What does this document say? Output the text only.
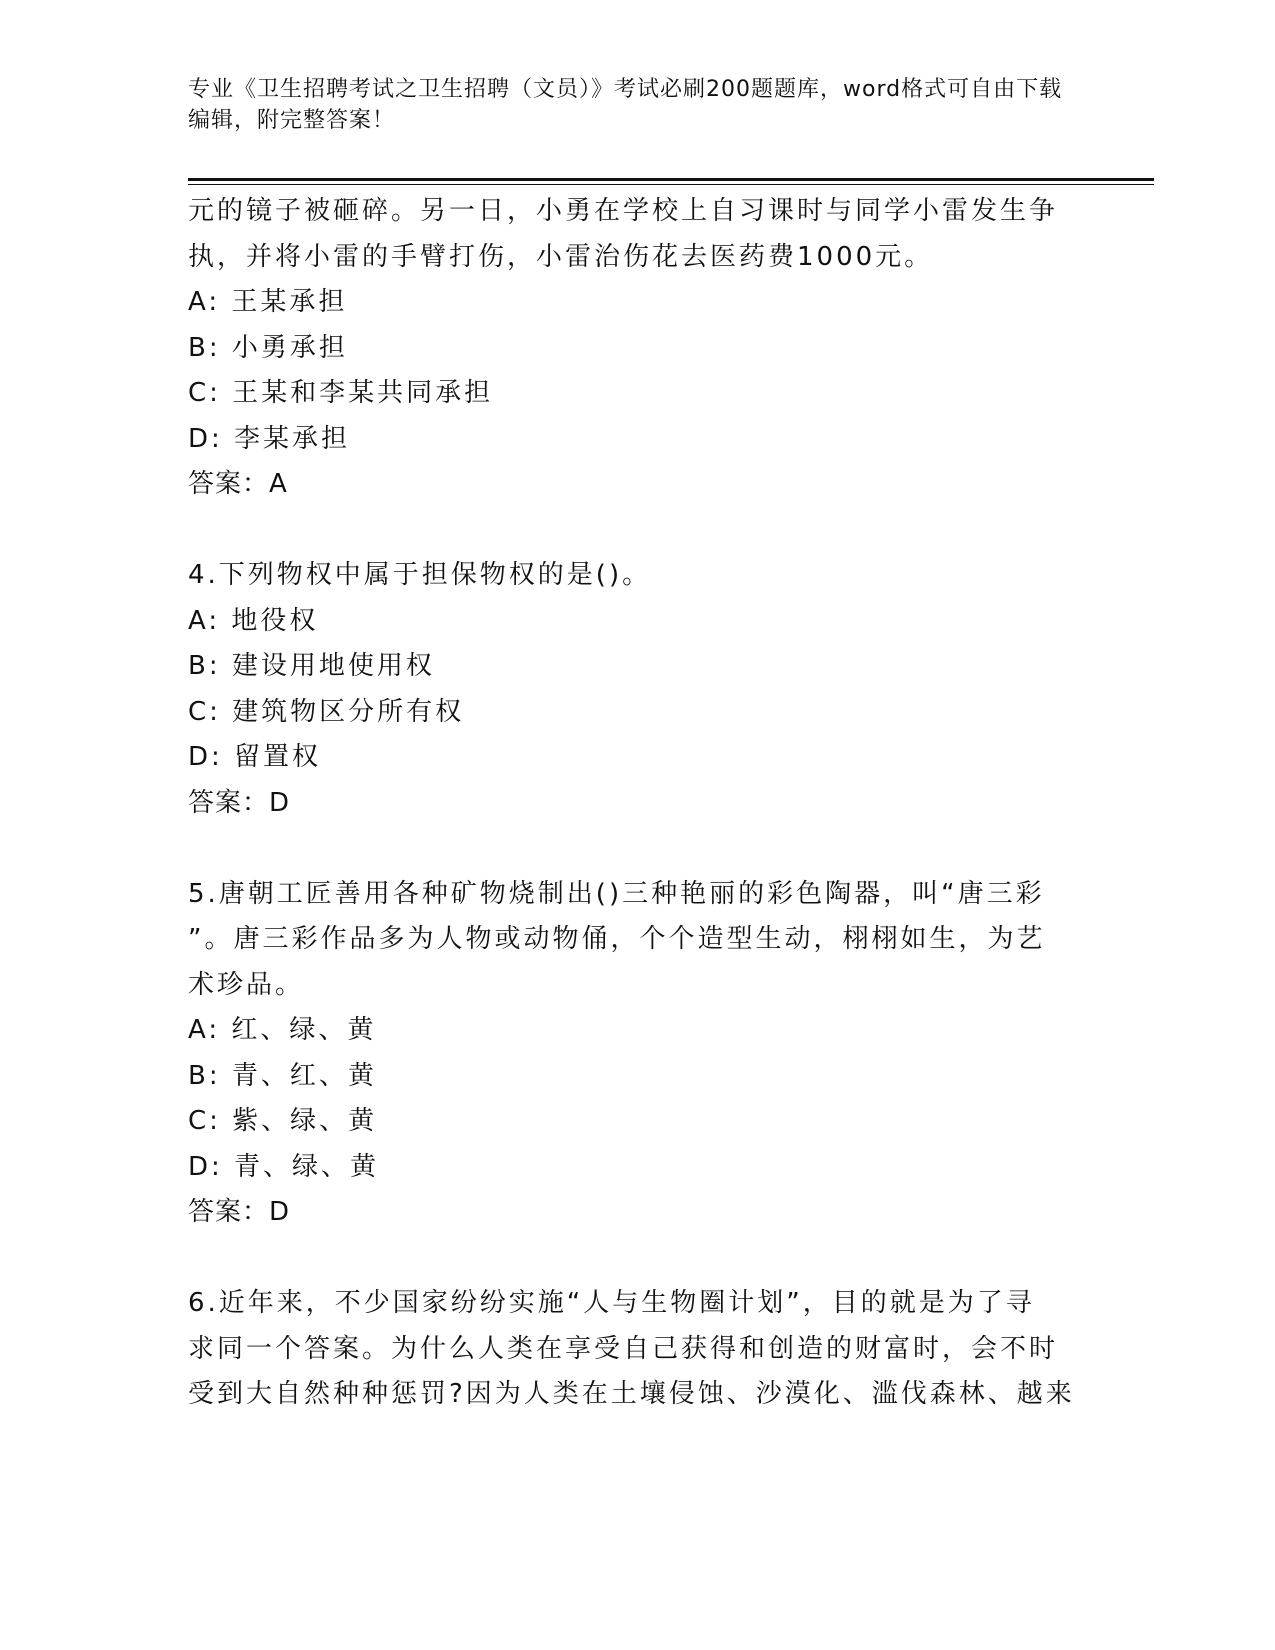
专业《卫生招聘考试之卫生招聘（文员）》考试必刷200题题库，word格式可自由下载编辑，附完整答案！

元的镜子被砸碎。另一日，小勇在学校上自习课时与同学小雷发生争

执，并将小雷的手臂打伤，小雷治伤花去医药费1000元。

A: 王某承担

B: 小勇承担

C: 王某和李某共同承担

D: 李某承担

答案：A

4.下列物权中属于担保物权的是()。

A: 地役权

B: 建设用地使用权

C: 建筑物区分所有权

D: 留置权

答案：D

5.唐朝工匠善用各种矿物烧制出()三种艳丽的彩色陶器，叫“唐三彩

”。唐三彩作品多为人物或动物俑，个个造型生动，栩栩如生，为艺

术珍品。

A: 红、绿、黄

B: 青、红、黄

C: 紫、绿、黄

D: 青、绿、黄

答案：D

6.近年来，不少国家纷纷实施“人与生物圈计划”，目的就是为了寻

求同一个答案。为什么人类在享受自己获得和创造的财富时，会不时

受到大自然种种惩罚?因为人类在土壤侵蚀、沙漠化、滥伐森林、越来
